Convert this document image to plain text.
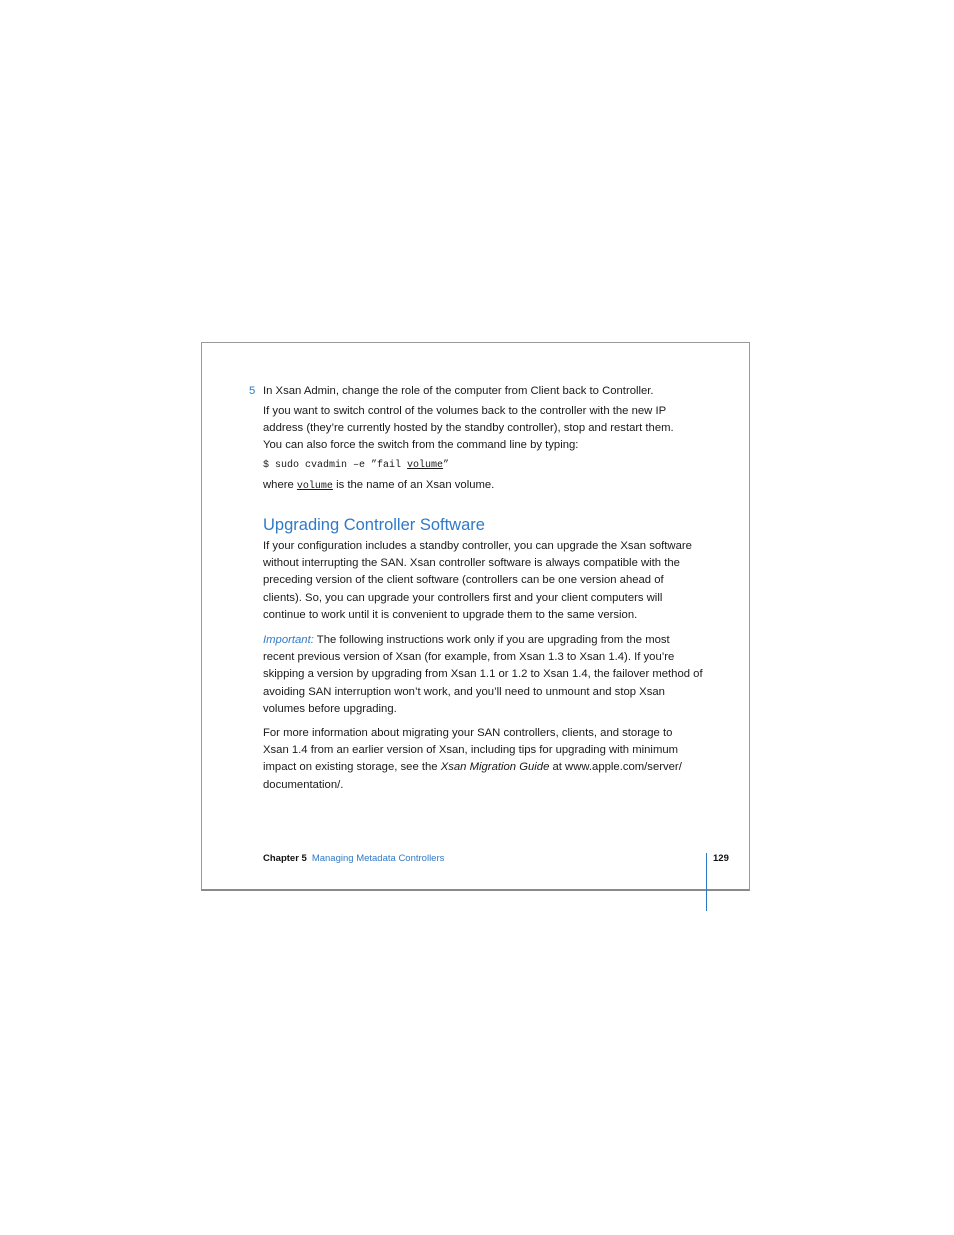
5 In Xsan Admin, change the role of the computer from Client back to Controller.

If you want to switch control of the volumes back to the controller with the new IP

address (they’re currently hosted by the standby controller), stop and restart them.

You can also force the switch from the command line by typing:

$ sudo cvadmin –e ”fail volume”
where volume is the name of an Xsan volume.
Upgrading Controller Software

If your configuration includes a standby controller, you can upgrade the Xsan software

without interrupting the SAN. Xsan controller software is always compatible with the

preceding version of the client software (controllers can be one version ahead of

clients). So, you can upgrade your controllers first and your client computers will

continue to work until it is convenient to upgrade them to the same version.

Important: The following instructions work only if you are upgrading from the most

recent previous version of Xsan (for example, from Xsan 1.3 to Xsan 1.4). If you’re

skipping a version by upgrading from Xsan 1.1 or 1.2 to Xsan 1.4, the failover method of

avoiding SAN interruption won’t work, and you’ll need to unmount and stop Xsan

volumes before upgrading.

For more information about migrating your SAN controllers, clients, and storage to

Xsan 1.4 from an earlier version of Xsan, including tips for upgrading with minimum

impact on existing storage, see the Xsan Migration Guide at www.apple.com/server/

documentation/.

Chapter 5 Managing Metadata Controllers	129
